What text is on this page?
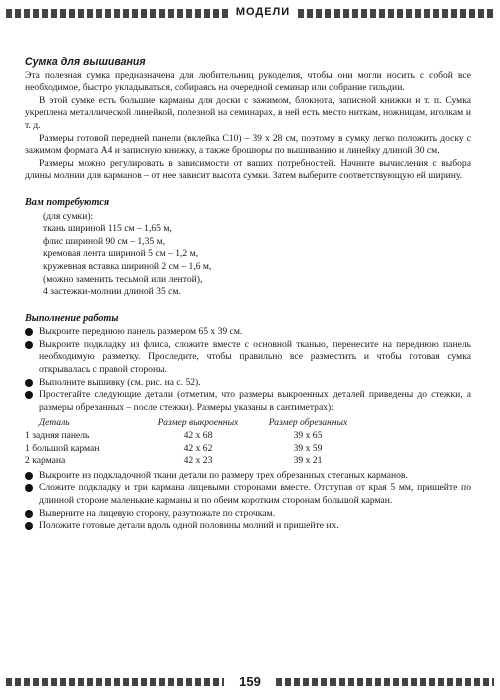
МОДЕЛИ
Сумка для вышивания

Эта полезная сумка предназначена для любительниц рукоделия, чтобы они могли носить с собой все необходимое, быстро укладываться, собираясь на очередной семинар или собрание гильдии.

В этой сумке есть большие карманы для доски с зажимом, блокнота, записной книжки и т. п. Сумка укреплена металлической линейкой, полезной на семинарах, в ней есть место ниткам, ножницам, иголкам и т. д.

Размеры готовой передней панели (вклейка С10) – 39 х 28 см, поэтому в сумку легко положить доску с зажимом формата А4 и записную книжку, а также брошюры по вышиванию и линейку длиной 30 см.

Размеры можно регулировать в зависимости от ваших потребностей. Начните вычисления с выбора длины молнии для карманов – от нее зависит высота сумки. Затем выберите соответствующую ей ширину.

Вам потребуются
(для сумки):
ткань шириной 115 см – 1,65 м,
флис шириной 90 см – 1,35 м,
кремовая лента шириной 5 см – 1,2 м,
кружевная вставка шириной 2 см – 1,6 м,
(можно заменить тесьмой или лентой),
4 застежки-молнии длиной 35 см.
Выполнение работы
Выкроите переднюю панель размером 65 х 39 см.
Выкроите подкладку из флиса, сложите вместе с основной тканью, перенесите на переднюю панель необходимую разметку. Проследите, чтобы правильно все разместить и чтобы готовая сумка открывалась с правой стороны.
Выполните вышивку (см. рис. на с. 52).
Простегайте следующие детали (отметим, что размеры выкроенных деталей приведены до стежки, а размеры обрезанных – после стежки). Размеры указаны в сантиметрах):
Деталь	Размер выкроенных	Размер обрезанных
1 задняя панель	42 х 68	39 х 65
1 большой карман	42 х 62	39 х 59
2 кармана	42 х 23	39 х 21
Выкроите из подкладочной ткани детали по размеру трех обрезанных стеганых карманов.
Сложите подкладку и три кармана лицевыми сторонами вместе. Отступая от края 5 мм, пришейте по длинной стороне маленькие карманы и по обеим коротким сторонам большой карман.
Выверните на лицевую сторону, разутюжьте по строчкам.
Положите готовые детали вдоль одной половины молний и пришейте их.
159
